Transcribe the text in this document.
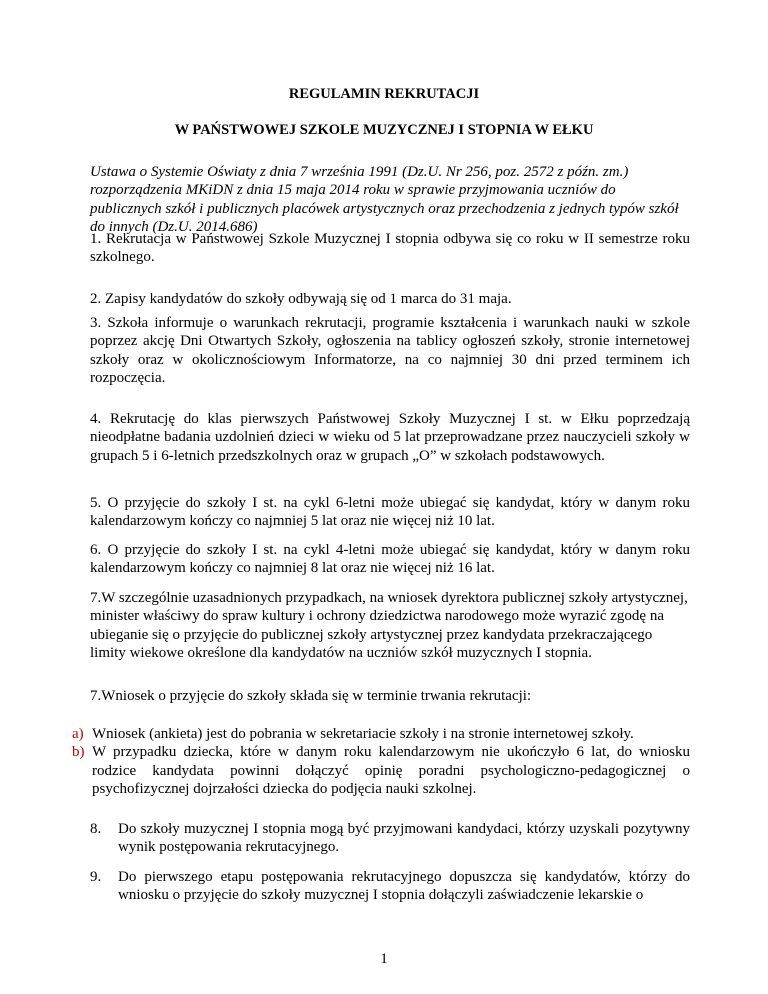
REGULAMIN REKRUTACJI
W PAŃSTWOWEJ SZKOLE MUZYCZNEJ I STOPNIA W EŁKU
Ustawa o Systemie Oświaty z dnia 7 września 1991 (Dz.U. Nr 256, poz. 2572 z późn. zm.) rozporządzenia MKiDN z dnia 15 maja 2014 roku w sprawie przyjmowania uczniów do publicznych szkół i publicznych placówek artystycznych oraz przechodzenia z jednych typów szkół do innych (Dz.U. 2014.686)
1. Rekrutacja w Państwowej Szkole Muzycznej I stopnia odbywa się co roku w II semestrze roku szkolnego.
2. Zapisy kandydatów do szkoły odbywają się od 1 marca do 31 maja.
3. Szkoła informuje o warunkach rekrutacji, programie kształcenia i warunkach nauki w szkole poprzez akcję Dni Otwartych Szkoły, ogłoszenia na tablicy ogłoszeń szkoły, stronie internetowej szkoły oraz w okolicznościowym Informatorze, na co najmniej 30 dni przed terminem ich rozpoczęcia.
4. Rekrutację do klas pierwszych Państwowej Szkoły Muzycznej I st. w Ełku poprzedzają nieodpłatne badania uzdolnień dzieci w wieku od 5 lat przeprowadzane przez nauczycieli szkoły w grupach 5 i 6-letnich przedszkolnych oraz w grupach „O” w szkołach podstawowych.
5. O przyjęcie do szkoły I st. na cykl 6-letni może ubiegać się kandydat, który w danym roku kalendarzowym kończy co najmniej 5 lat oraz nie więcej niż 10 lat.
6. O przyjęcie do szkoły I st. na cykl 4-letni może ubiegać się kandydat, który w danym roku kalendarzowym kończy co najmniej 8 lat oraz nie więcej niż 16 lat.
7.W szczególnie uzasadnionych przypadkach, na wniosek dyrektora publicznej szkoły artystycznej, minister właściwy do spraw kultury i ochrony dziedzictwa narodowego może wyrazić zgodę na ubieganie się o przyjęcie do publicznej szkoły artystycznej przez kandydata przekraczającego limity wiekowe określone dla kandydatów na uczniów szkół muzycznych I stopnia.
7.Wniosek o przyjęcie do szkoły składa się w terminie trwania rekrutacji:
a) Wniosek (ankieta) jest do pobrania w sekretariacie szkoły i na stronie internetowej szkoły.
b) W przypadku dziecka, które w danym roku kalendarzowym nie ukończyło 6 lat, do wniosku rodzice kandydata powinni dołączyć opinię poradni psychologiczno-pedagogicznej o psychofizycznej dojrzałości dziecka do podjęcia nauki szkolnej.
8.	Do szkoły muzycznej I stopnia mogą być przyjmowani kandydaci, którzy uzyskali pozytywny wynik postępowania rekrutacyjnego.
9.	Do pierwszego etapu postępowania rekrutacyjnego dopuszcza się kandydatów, którzy do wniosku o przyjęcie do szkoły muzycznej I stopnia dołączyli zaświadczenie lekarskie o
1
